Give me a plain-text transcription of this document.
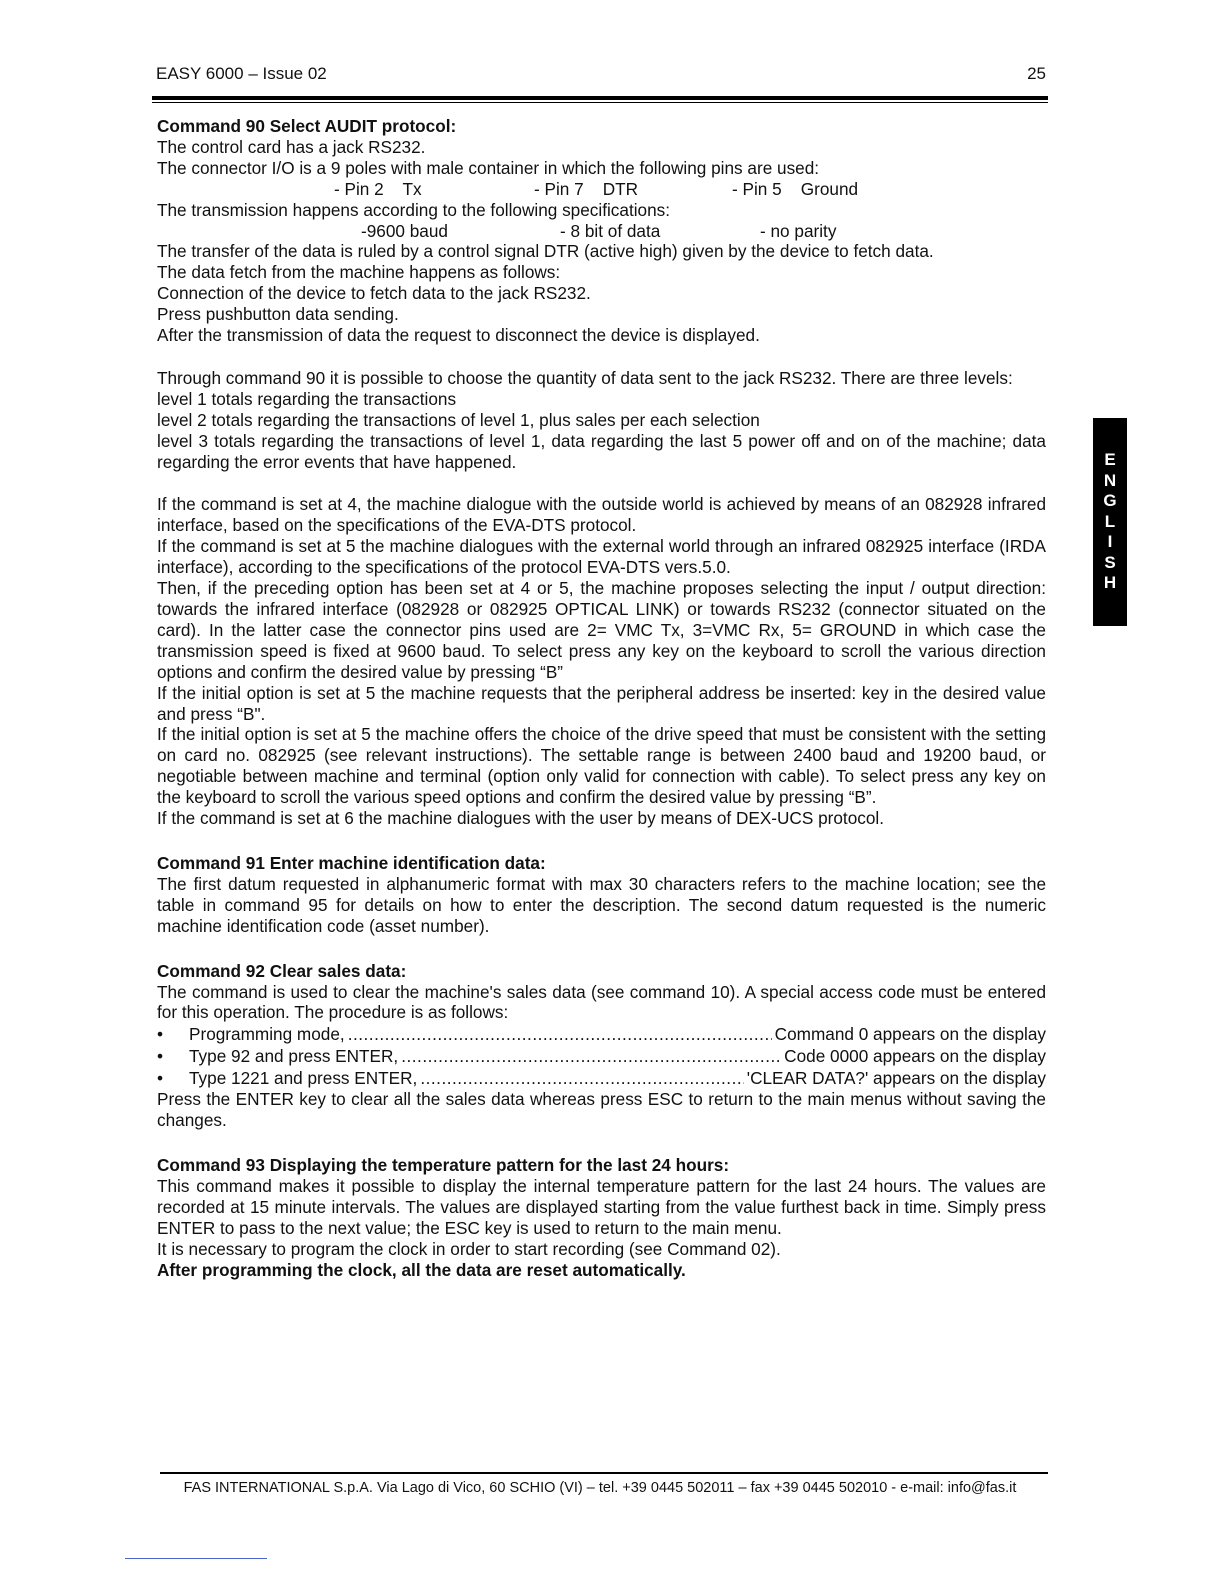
EASY 6000 – Issue 02	25
E
N
G
L
I
S
H

Command 90 Select AUDIT protocol:

The control card has a jack RS232.

The connector I/O is a 9 poles with male container in which the following pins are used:

- Pin 2    Tx	- Pin 7    DTR	- Pin 5    Ground

The transmission happens according to the following specifications:

-9600 baud	- 8 bit of data	- no parity

The transfer of the data is ruled by a control signal DTR (active high) given by the device to fetch data.

The data fetch from the machine happens as follows:

Connection of the device to fetch data to the jack RS232.

Press pushbutton data sending.

After the transmission of data the request to disconnect the device is displayed.

Through command 90 it is possible to choose the quantity of data sent to the jack RS232. There are three levels:

level 1 totals regarding the transactions

level 2 totals regarding the transactions of level 1, plus sales per each selection

level 3 totals regarding the transactions of level 1, data regarding the last 5 power off and on of the machine; data regarding the error events that have happened.

If the command is set at 4, the machine dialogue with the outside world is achieved by means of an 082928 infrared interface, based on the specifications of the EVA-DTS protocol.

If the command is set at 5 the machine dialogues with the external world through an infrared 082925 interface (IRDA interface), according to the specifications of the protocol EVA-DTS vers.5.0.

Then, if the preceding option has been set at 4 or 5, the machine proposes selecting the input / output direction: towards the infrared interface (082928 or 082925 OPTICAL LINK) or towards RS232 (connector situated on the card). In the latter case the connector pins used are 2= VMC Tx, 3=VMC Rx, 5= GROUND in which case the transmission speed is fixed at 9600 baud. To select press any key on the keyboard to scroll the various direction options and confirm the desired value by pressing “B”

If the initial option is set at 5 the machine requests that the peripheral address be inserted: key in the desired value and press “B".

If the initial option is set at 5 the machine offers the choice of the drive speed that must be consistent with the setting on card no. 082925 (see relevant instructions). The settable range is between 2400 baud and 19200 baud, or negotiable between machine and terminal (option only valid for connection with cable). To select press any key on the keyboard to scroll the various speed options and confirm the desired value by pressing “B”.

If the command is set at 6 the machine dialogues with the user by means of DEX-UCS protocol.

Command 91 Enter machine identification data:

The first datum requested in alphanumeric format with max 30 characters refers to the machine location; see the table in command 95 for details on how to enter the description. The second datum requested is the numeric machine identification code (asset number).

Command 92 Clear sales data:

The command is used to clear the machine's sales data (see command 10). A special access code must be entered for this operation. The procedure is as follows:

•	Programming mode, .....	Command 0 appears on the display
•	Type 92 and press ENTER, .....	Code 0000 appears on the display
•	Type 1221 and press ENTER, .....	'CLEAR DATA?' appears on the display

Press the ENTER key to clear all the sales data whereas press ESC to return to the main menus without saving the changes.

Command 93 Displaying the temperature pattern for the last 24 hours:

This command makes it possible to display the internal temperature pattern for the last 24 hours. The values are recorded at 15 minute intervals. The values are displayed starting from the value furthest back in time. Simply press ENTER to pass to the next value; the ESC key is used to return to the main menu.

It is necessary to program the clock in order to start recording (see Command 02).

After programming the clock, all the data are reset automatically.

FAS INTERNATIONAL S.p.A. Via Lago di Vico, 60 SCHIO (VI) – tel. +39 0445 502011 – fax +39 0445 502010 - e-mail: info@fas.it
